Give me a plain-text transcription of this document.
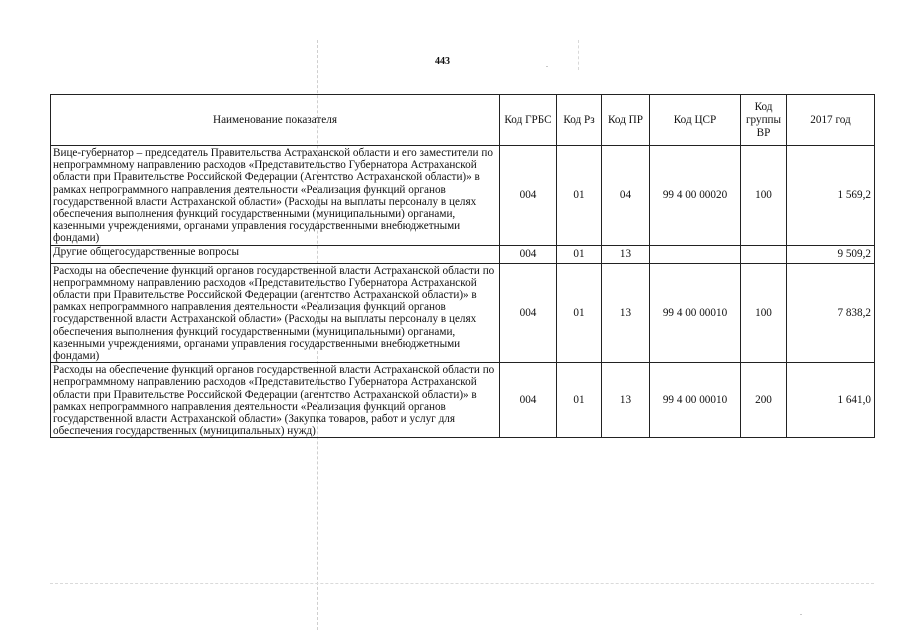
443
Наименование показателя	Код ГРБС	Код Рз	Код ПР	Код ЦСР	Код группы ВР	2017 год
Вице-губернатор – председатель Правительства Астраханской области и его заместители по непрограммному направлению расходов «Представительство Губернатора Астраханской области при Правительстве Российской Федерации (Агентство Астраханской области)» в рамках непрограммного направления деятельности «Реализация функций органов государственной власти Астраханской области» (Расходы на выплаты персоналу в целях обеспечения выполнения функций государственными (муниципальными) органами, казенными учреждениями, органами управления государственными внебюджетными фондами)	004	01	04	99 4 00 00020	100	1 569,2
Другие общегосударственные вопросы	004	01	13			9 509,2
Расходы на обеспечение функций органов государственной власти Астраханской области по непрограммному направлению расходов «Представительство Губернатора Астраханской области при Правительстве Российской Федерации (агентство Астраханской области)» в рамках непрограммного направления деятельности «Реализация функций органов государственной власти Астраханской области» (Расходы на выплаты персоналу в целях обеспечения выполнения функций государственными (муниципальными) органами, казенными учреждениями, органами управления государственными внебюджетными фондами)	004	01	13	99 4 00 00010	100	7 838,2
Расходы на обеспечение функций органов государственной власти Астраханской области по непрограммному направлению расходов «Представительство Губернатора Астраханской области при Правительстве Российской Федерации (агентство Астраханской области)» в рамках непрограммного направления деятельности «Реализация функций органов государственной власти Астраханской области» (Закупка товаров, работ и услуг для обеспечения государственных (муниципальных) нужд)	004	01	13	99 4 00 00010	200	1 641,0
